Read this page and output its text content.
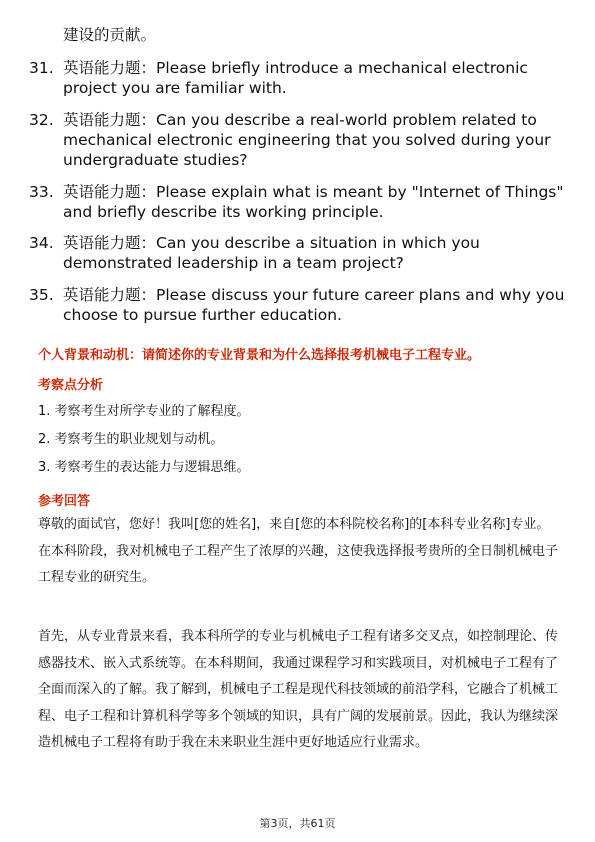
建设的贡献。
31. 英语能力题：Please briefly introduce a mechanical electronic project you are familiar with.
32. 英语能力题：Can you describe a real-world problem related to mechanical electronic engineering that you solved during your undergraduate studies?
33. 英语能力题：Please explain what is meant by "Internet of Things" and briefly describe its working principle.
34. 英语能力题：Can you describe a situation in which you demonstrated leadership in a team project?
35. 英语能力题：Please discuss your future career plans and why you choose to pursue further education.
个人背景和动机：请简述你的专业背景和为什么选择报考机械电子工程专业。
考察点分析
1. 考察考生对所学专业的了解程度。
2. 考察考生的职业规划与动机。
3. 考察考生的表达能力与逻辑思维。
参考回答
尊敬的面试官，您好！我叫[您的姓名]，来自[您的本科院校名称]的[本科专业名称]专业。在本科阶段，我对机械电子工程产生了浓厚的兴趣，这使我选择报考贵所的全日制机械电子工程专业的研究生。
首先，从专业背景来看，我本科所学的专业与机械电子工程有诸多交叉点，如控制理论、传感器技术、嵌入式系统等。在本科期间，我通过课程学习和实践项目，对机械电子工程有了全面而深入的了解。我了解到，机械电子工程是现代科技领域的前沿学科，它融合了机械工程、电子工程和计算机科学等多个领域的知识，具有广阔的发展前景。因此，我认为继续深造机械电子工程将有助于我在未来职业生涯中更好地适应行业需求。
第3页，共61页
